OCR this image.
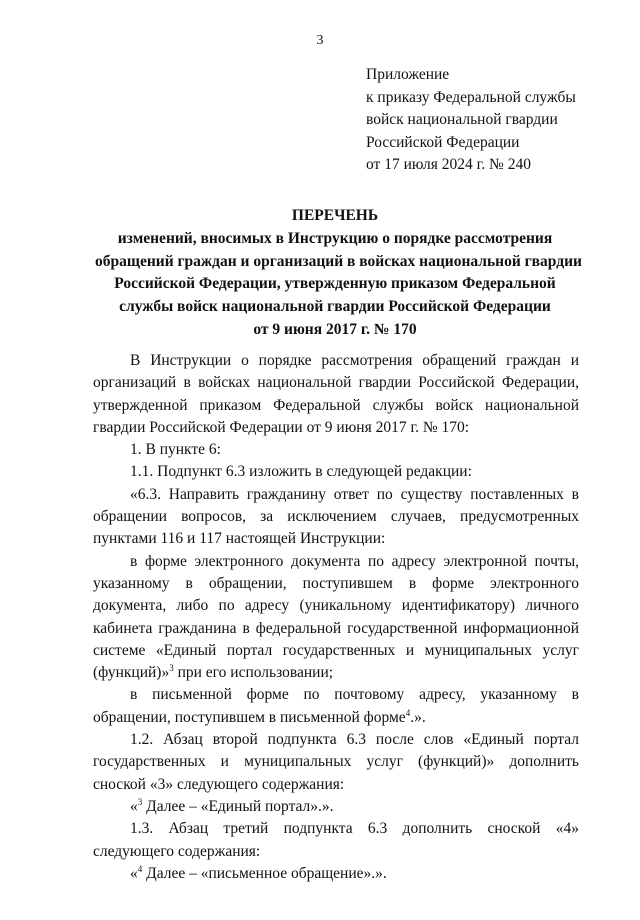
3
Приложение
к приказу Федеральной службы
войск национальной гвардии
Российской Федерации
от 17 июля 2024 г. № 240
ПЕРЕЧЕНЬ
изменений, вносимых в Инструкцию о порядке рассмотрения
обращений граждан и организаций в войсках национальной гвардии
Российской Федерации, утвержденную приказом Федеральной
службы войск национальной гвардии Российской Федерации
от 9 июня 2017 г. № 170

В Инструкции о порядке рассмотрения обращений граждан и организаций в войсках национальной гвардии Российской Федерации, утвержденной приказом Федеральной службы войск национальной гвардии Российской Федерации от 9 июня 2017 г. № 170:

1. В пункте 6:

1.1. Подпункт 6.3 изложить в следующей редакции:

«6.3. Направить гражданину ответ по существу поставленных в обращении вопросов, за исключением случаев, предусмотренных пунктами 116 и 117 настоящей Инструкции:

в форме электронного документа по адресу электронной почты, указанному в обращении, поступившем в форме электронного документа, либо по адресу (уникальному идентификатору) личного кабинета гражданина в федеральной государственной информационной системе «Единый портал государственных и муниципальных услуг (функций)»$^3$ при его использовании;

в письменной форме по почтовому адресу, указанному в обращении, поступившем в письменной форме$^4$.».

1.2. Абзац второй подпункта 6.3 после слов «Единый портал государственных и муниципальных услуг (функций)» дополнить сноской «3» следующего содержания:

«$^3$ Далее – «Единый портал».».

1.3. Абзац третий подпункта 6.3 дополнить сноской «4» следующего содержания:

«$^4$ Далее – «письменное обращение».».
